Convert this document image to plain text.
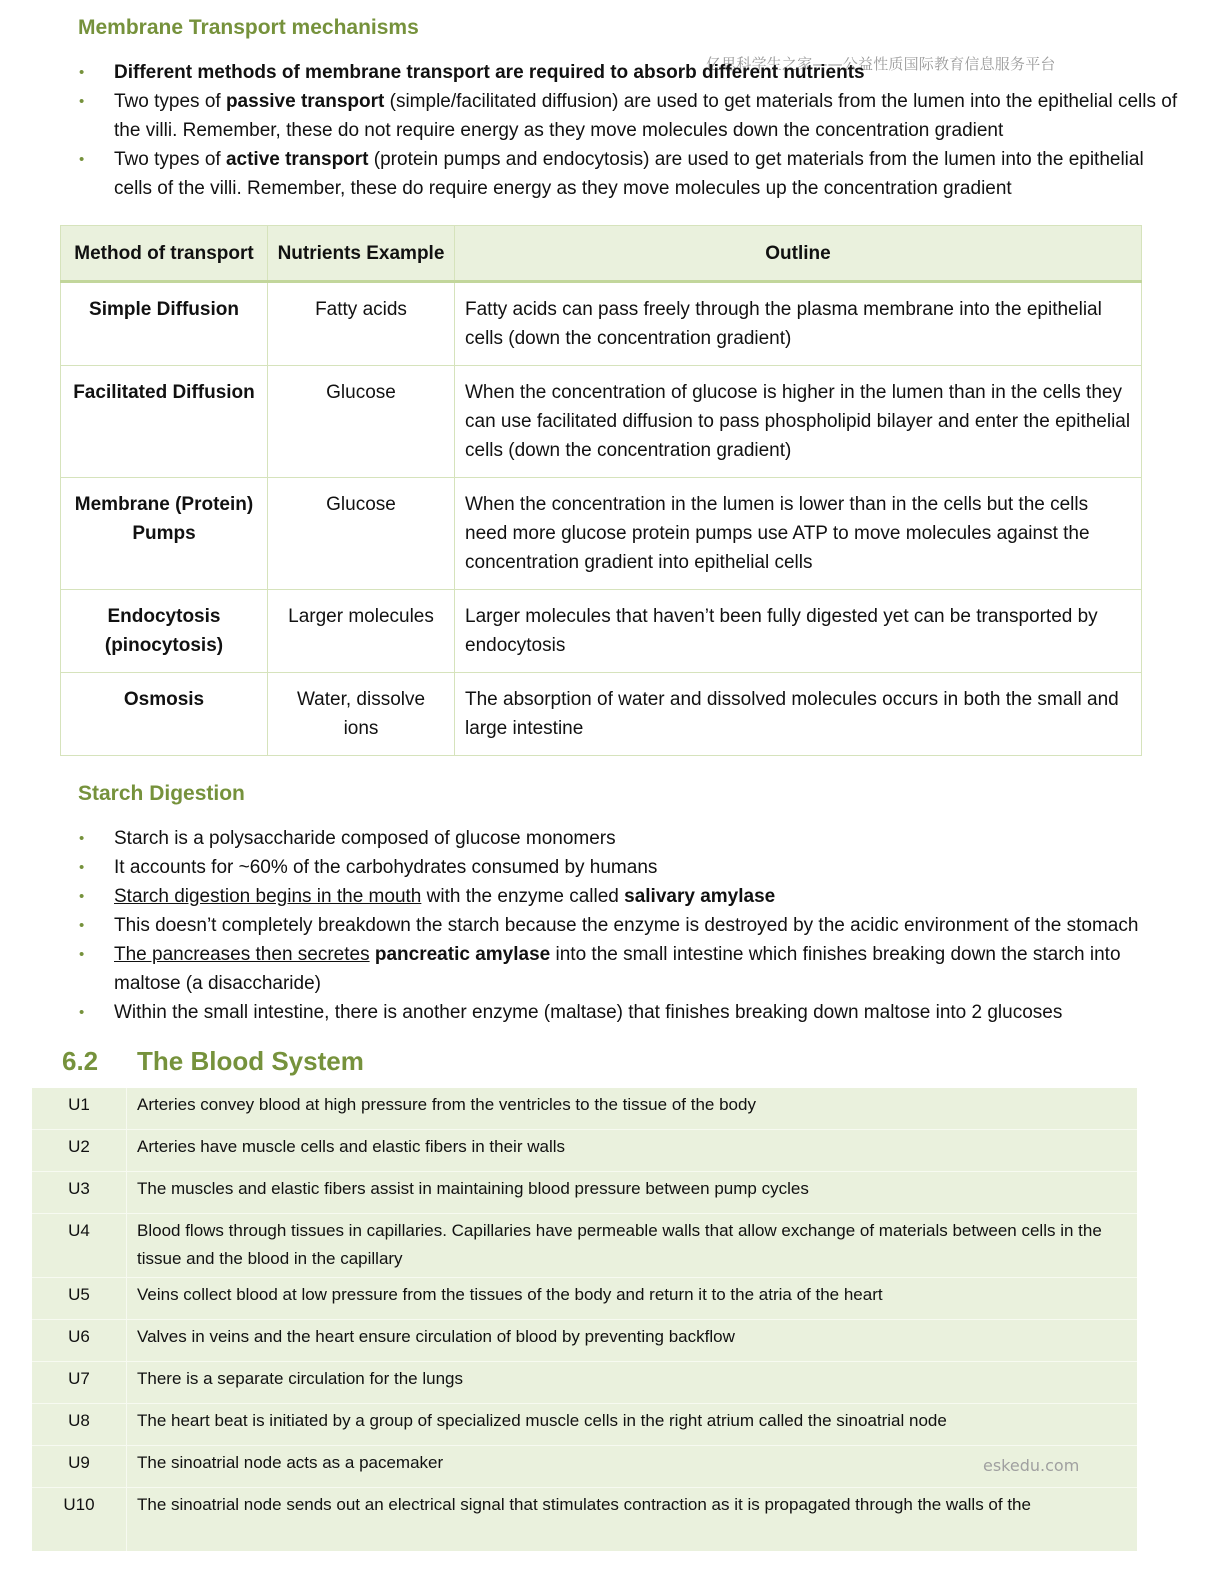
Membrane Transport mechanisms
亿思科学生之家——公益性质国际教育信息服务平台
• Different methods of membrane transport are required to absorb different nutrients
• Two types of passive transport (simple/facilitated diffusion) are used to get materials from the lumen into the epithelial cells of the villi. Remember, these do not require energy as they move molecules down the concentration gradient
• Two types of active transport (protein pumps and endocytosis) are used to get materials from the lumen into the epithelial cells of the villi. Remember, these do require energy as they move molecules up the concentration gradient
Method of transport	Nutrients Example	Outline
Simple Diffusion	Fatty acids	Fatty acids can pass freely through the plasma membrane into the epithelial cells (down the concentration gradient)
Facilitated Diffusion	Glucose	When the concentration of glucose is higher in the lumen than in the cells they can use facilitated diffusion to pass phospholipid bilayer and enter the epithelial cells (down the concentration gradient)
Membrane (Protein) Pumps	Glucose	When the concentration in the lumen is lower than in the cells but the cells need more glucose protein pumps use ATP to move molecules against the concentration gradient into epithelial cells
Endocytosis (pinocytosis)	Larger molecules	Larger molecules that haven’t been fully digested yet can be transported by endocytosis
Osmosis	Water, dissolve ions	The absorption of water and dissolved molecules occurs in both the small and large intestine
Starch Digestion
• Starch is a polysaccharide composed of glucose monomers
• It accounts for ~60% of the carbohydrates consumed by humans
• Starch digestion begins in the mouth with the enzyme called salivary amylase
• This doesn’t completely breakdown the starch because the enzyme is destroyed by the acidic environment of the stomach
• The pancreases then secretes pancreatic amylase into the small intestine which finishes breaking down the starch into maltose (a disaccharide)
• Within the small intestine, there is another enzyme (maltase) that finishes breaking down maltose into 2 glucoses
6.2 The Blood System
U1	Arteries convey blood at high pressure from the ventricles to the tissue of the body
U2	Arteries have muscle cells and elastic fibers in their walls
U3	The muscles and elastic fibers assist in maintaining blood pressure between pump cycles
U4	Blood flows through tissues in capillaries. Capillaries have permeable walls that allow exchange of materials between cells in the tissue and the blood in the capillary
U5	Veins collect blood at low pressure from the tissues of the body and return it to the atria of the heart
U6	Valves in veins and the heart ensure circulation of blood by preventing backflow
U7	There is a separate circulation for the lungs
U8	The heart beat is initiated by a group of specialized muscle cells in the right atrium called the sinoatrial node
U9	The sinoatrial node acts as a pacemaker
U10	The sinoatrial node sends out an electrical signal that stimulates contraction as it is propagated through the walls of the
eskedu.com
